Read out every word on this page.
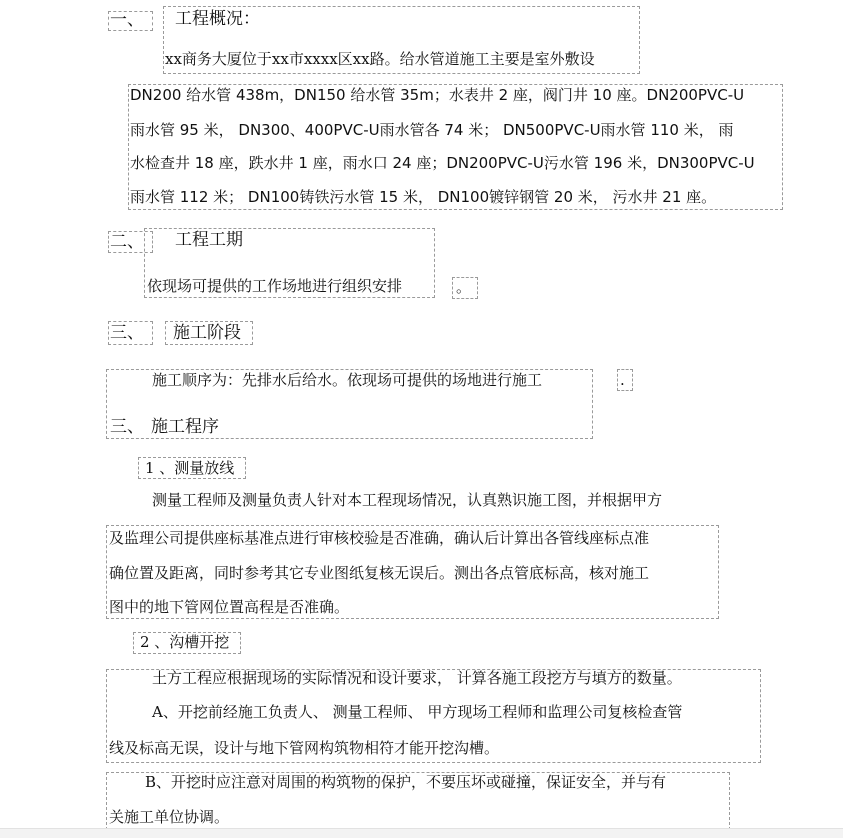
一、 工程概况：
xx商务大厦位于xx市xxxx区xx路。给水管道施工主要是室外敷设
DN200 给水管 438m，DN150 给水管 35m；水表井 2 座，阀门井 10 座。DN200PVC-U
雨水管 95 米， DN300、400PVC-U雨水管各 74 米； DN500PVC-U雨水管 110 米， 雨
水检查井 18 座，跌水井 1 座，雨水口 24 座；DN200PVC-U污水管 196 米，DN300PVC-U
雨水管 112 米； DN100铸铁污水管 15 米， DN100镀锌钢管 20 米， 污水井 21 座。
二、 工程工期
依现场可提供的工作场地进行组织安排	。
三、 施工阶段
施工顺序为：先排水后给水。依现场可提供的场地进行施工	.
三、 施工程序
1 、测量放线
测量工程师及测量负责人针对本工程现场情况，认真熟识施工图，并根据甲方
及监理公司提供座标基准点进行审核校验是否准确，确认后计算出各管线座标点准
确位置及距离，同时参考其它专业图纸复核无误后。测出各点管底标高，核对施工
图中的地下管网位置高程是否准确。
2 、沟槽开挖
土方工程应根据现场的实际情况和设计要求， 计算各施工段挖方与填方的数量。
A、开挖前经施工负责人、 测量工程师、 甲方现场工程师和监理公司复核检查管
线及标高无误，设计与地下管网构筑物相符才能开挖沟槽。
B、开挖时应注意对周围的构筑物的保护，不要压坏或碰撞，保证安全，并与有
关施工单位协调。
